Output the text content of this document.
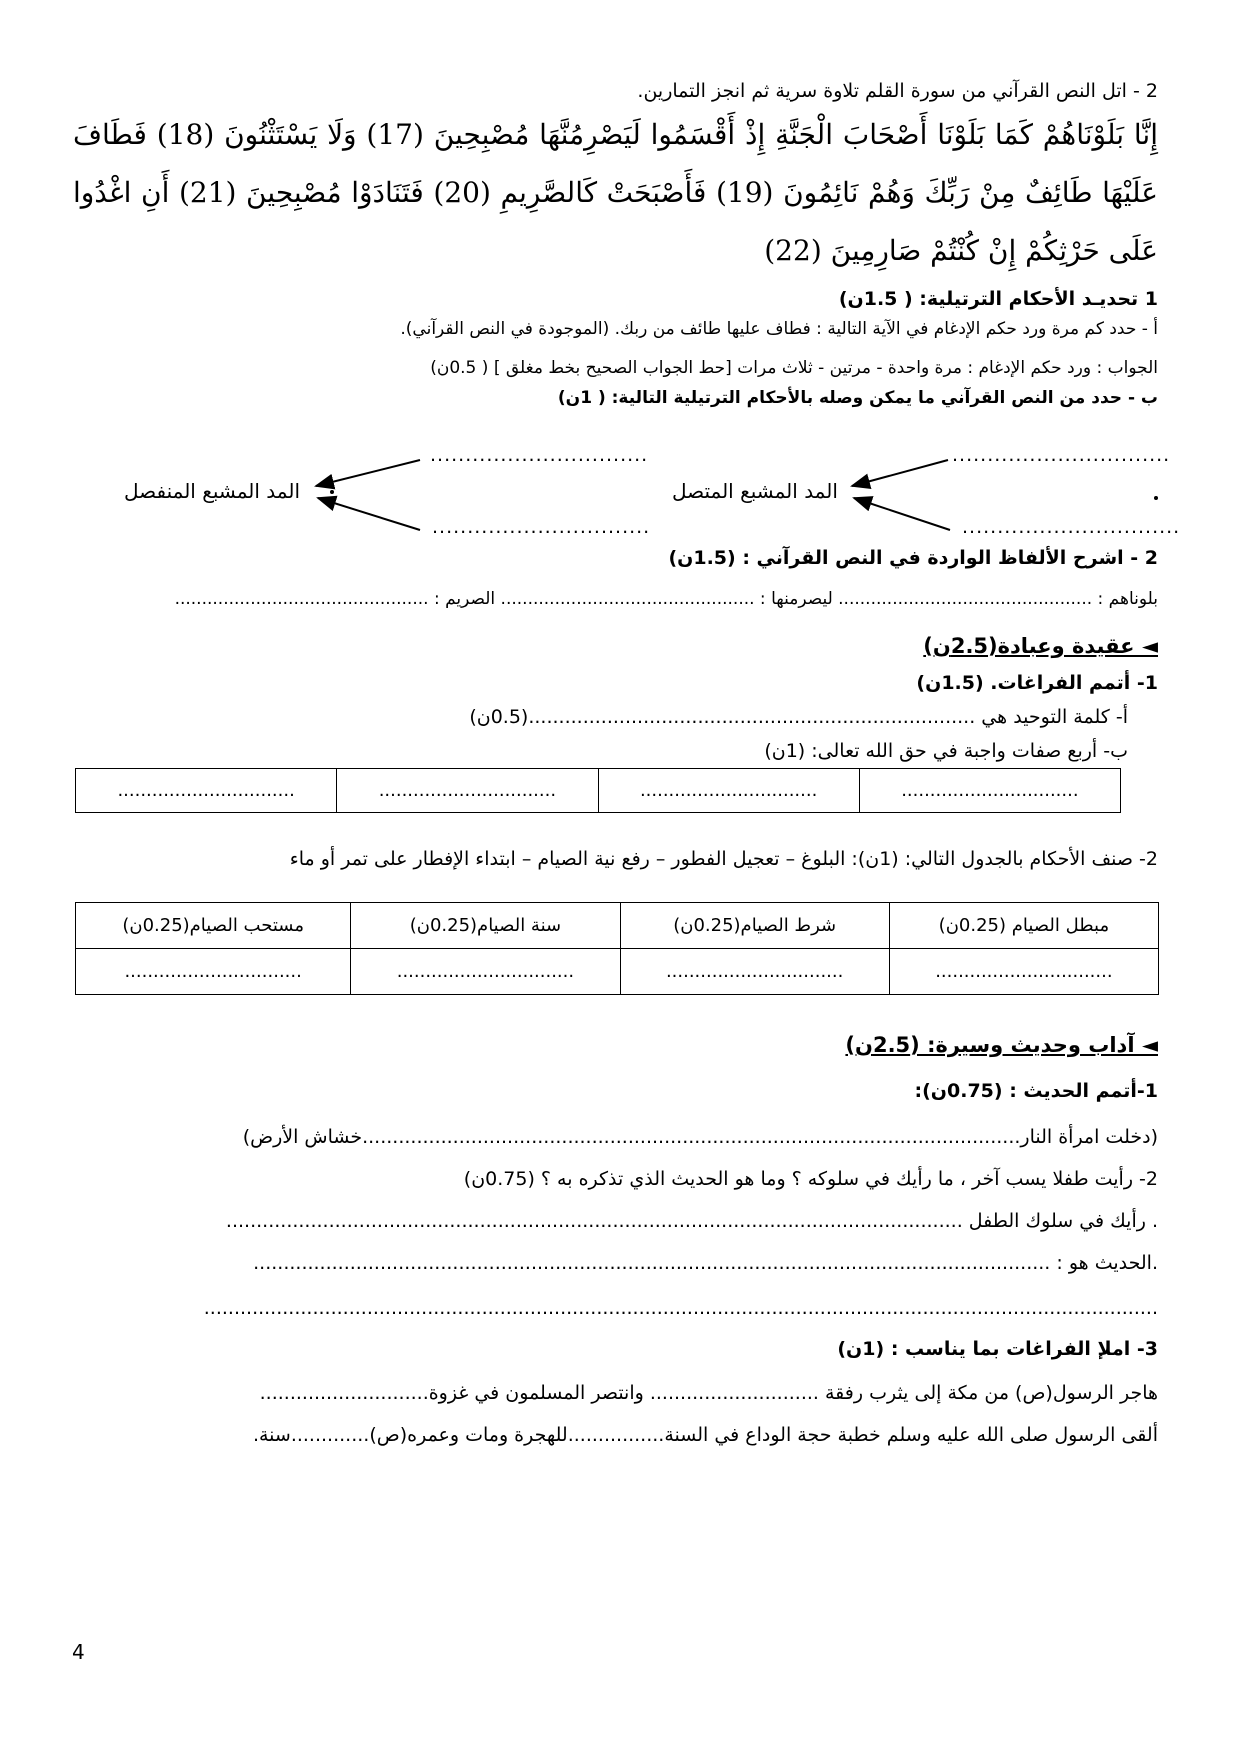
2 - اتل النص القرآني من سورة القلم تلاوة سرية ثم انجز التمارين.
إِنَّا بَلَوْنَاهُمْ كَمَا بَلَوْنَا أَصْحَابَ الْجَنَّةِ إِذْ أَقْسَمُوا لَيَصْرِمُنَّهَا مُصْبِحِينَ (17) وَلَا يَسْتَثْنُونَ (18) فَطَافَ عَلَيْهَا طَائِفٌ مِنْ رَبِّكَ وَهُمْ نَائِمُونَ (19) فَأَصْبَحَتْ كَالصَّرِيمِ (20) فَتَنَادَوْا مُصْبِحِينَ (21) أَنِ اغْدُوا عَلَى حَرْثِكُمْ إِنْ كُنْتُمْ صَارِمِينَ (22)
1 تحديـد الأحكام الترتيلية: ( 1.5ن)
أ - حدد كم مرة ورد حكم الإدغام في الآية التالية : فطاف عليها طائف من ربك. (الموجودة في النص القرآني).
الجواب : ورد حكم الإدغام : مرة واحدة - مرتين - ثلاث مرات [حط الجواب الصحيح بخط مغلق ] ( 0.5ن)
ب - حدد من النص القرآني ما يمكن وصله بالأحكام الترتيلية التالية: ( 1ن)
...............................
...............................
...............................
...............................
المد المشبع المنفصل	المد المشبع المتصل
2 - اشرح الألفاظ الواردة في النص القرآني : (1.5ن)
بلوناهم : ............................................... ليصرمنها : ............................................... الصريم : ...............................................
◄ عقيدة وعبادة(2.5ن)
1- أتمم الفراغات. (1.5ن)
أ- كلمة التوحيد هي ..........................................................................(0.5ن)
ب- أربع صفات واجبة في حق الله تعالى: (1ن)
...............................	...............................	...............................	...............................
2- صنف الأحكام بالجدول التالي: (1ن): البلوغ – تعجيل الفطور – رفع نية الصيام – ابتداء الإفطار على تمر أو ماء
مبطل الصيام (0.25ن)	شرط الصيام(0.25ن)	سنة الصيام(0.25ن)	مستحب الصيام(0.25ن)
...............................	...............................	...............................	...............................
◄ آداب وحديث وسيرة: (2.5ن)
1-أتمم الحديث : (0.75ن):
(دخلت امرأة النار.............................................................................................................خشاش الأرض)
2- رأيت طفلا يسب آخر ، ما رأيك في سلوكه ؟ وما هو الحديث الذي تذكره به ؟ (0.75ن)
. رأيك في سلوك الطفل ..........................................................................................................................
.الحديث هو : ....................................................................................................................................
..............................................................................................................................................................
3- املإ الفراغات بما يناسب : (1ن)
هاجر الرسول(ص) من مكة إلى يثرب رفقة ............................ وانتصر المسلمون في غزوة............................
ألقى الرسول صلى الله عليه وسلم خطبة حجة الوداع في السنة................للهجرة ومات وعمره(ص).............سنة.
4
